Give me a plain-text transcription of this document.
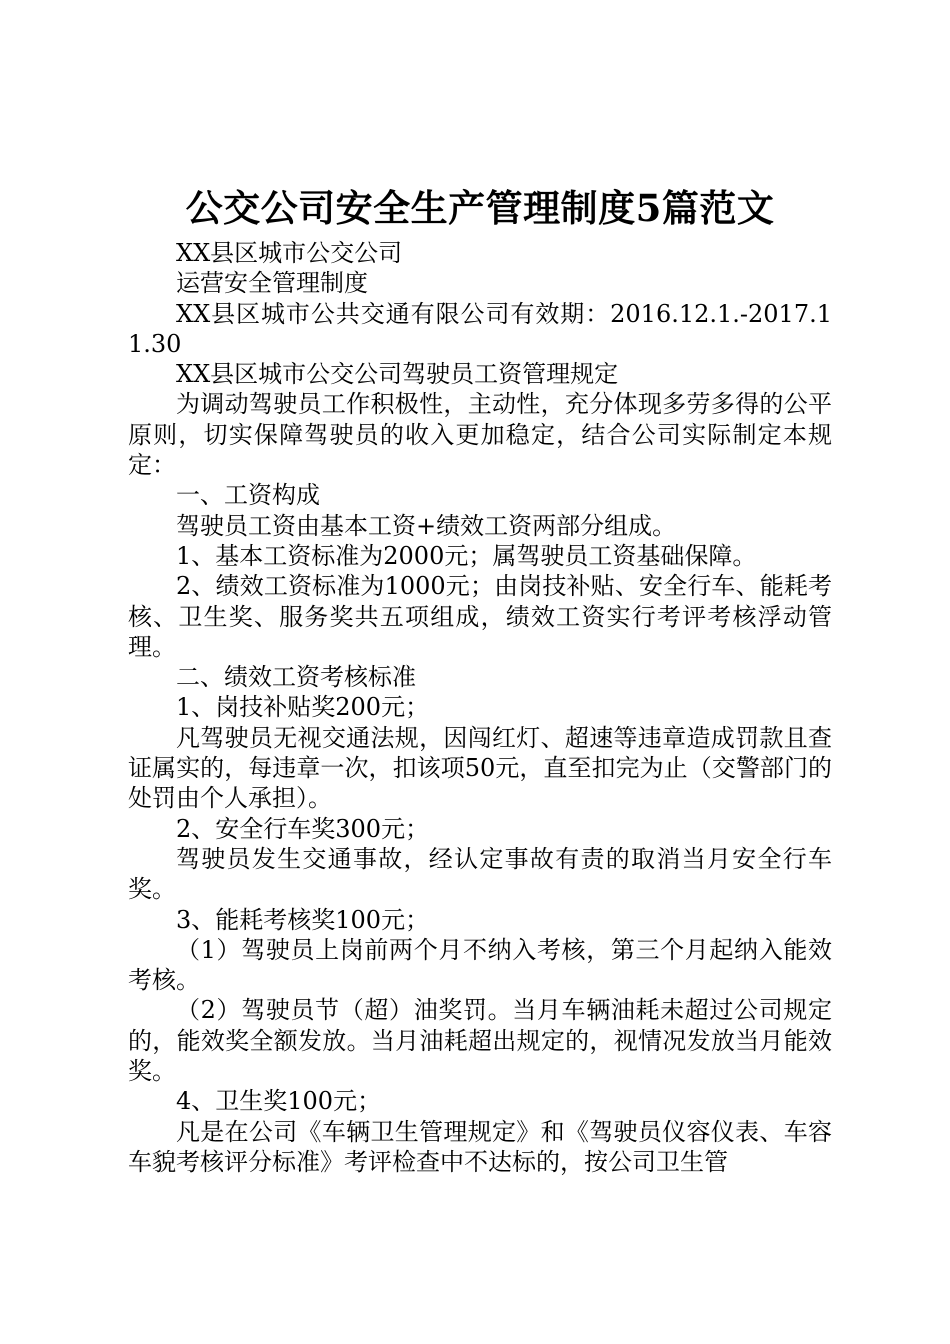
公交公司安全生产管理制度5篇范文

XX县区城市公交公司

运营安全管理制度

XX县区城市公共交通有限公司有效期：2016.12.1.-2017.11.30

XX县区城市公交公司驾驶员工资管理规定

为调动驾驶员工作积极性，主动性，充分体现多劳多得的公平原则，切实保障驾驶员的收入更加稳定，结合公司实际制定本规定：

一、工资构成

驾驶员工资由基本工资+绩效工资两部分组成。

1、基本工资标准为2000元；属驾驶员工资基础保障。

2、绩效工资标准为1000元；由岗技补贴、安全行车、能耗考核、卫生奖、服务奖共五项组成，绩效工资实行考评考核浮动管理。

二、绩效工资考核标准

1、岗技补贴奖200元；

凡驾驶员无视交通法规，因闯红灯、超速等违章造成罚款且查证属实的，每违章一次，扣该项50元，直至扣完为止（交警部门的处罚由个人承担）。

2、安全行车奖300元；

驾驶员发生交通事故，经认定事故有责的取消当月安全行车奖。

3、能耗考核奖100元；

（1）驾驶员上岗前两个月不纳入考核，第三个月起纳入能效考核。

（2）驾驶员节（超）油奖罚。当月车辆油耗未超过公司规定的，能效奖全额发放。当月油耗超出规定的，视情况发放当月能效奖。

4、卫生奖100元；

凡是在公司《车辆卫生管理规定》和《驾驶员仪容仪表、车容车貌考核评分标准》考评检查中不达标的，按公司卫生管
